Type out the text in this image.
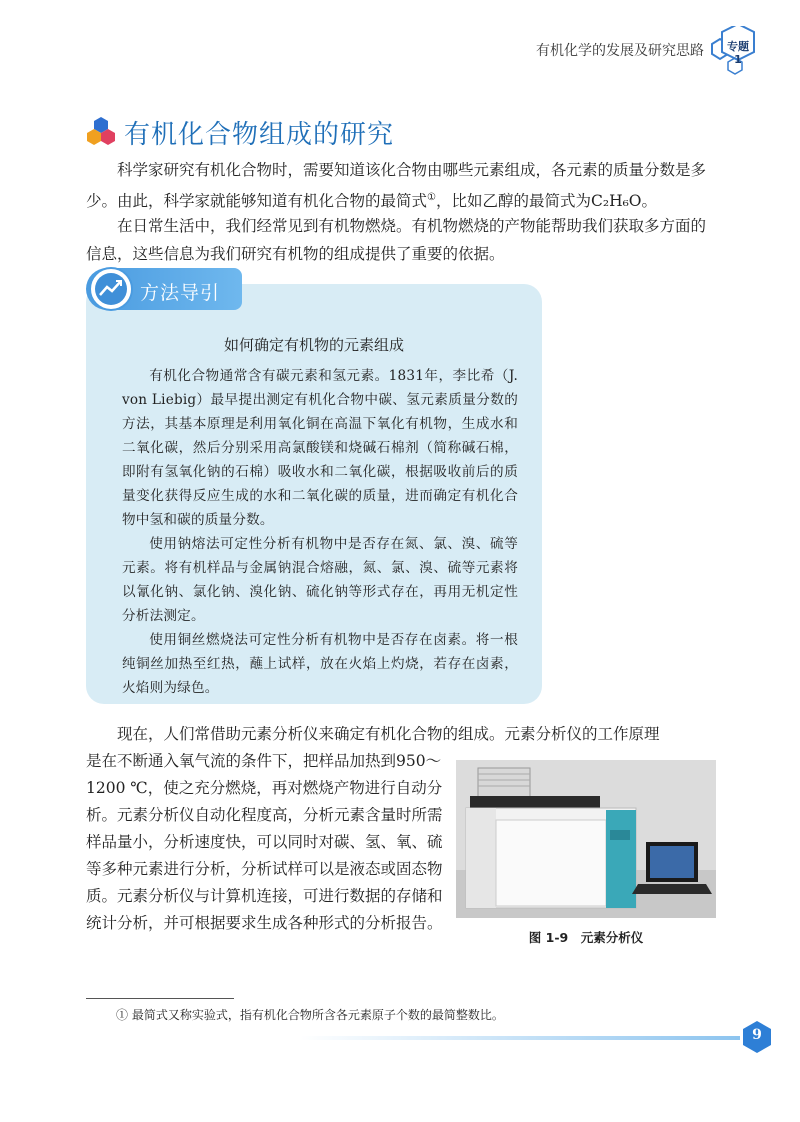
有机化学的发展及研究思路	专题
1
有机化合物组成的研究

科学家研究有机化合物时，需要知道该化合物由哪些元素组成，各元素的质量分数是多少。由此，科学家就能够知道有机化合物的最简式①，比如乙醇的最简式为C₂H₆O。

在日常生活中，我们经常见到有机物燃烧。有机物燃烧的产物能帮助我们获取多方面的信息，这些信息为我们研究有机物的组成提供了重要的依据。

方法导引
如何确定有机物的元素组成

有机化合物通常含有碳元素和氢元素。1831年，李比希（J. von Liebig）最早提出测定有机化合物中碳、氢元素质量分数的方法，其基本原理是利用氧化铜在高温下氧化有机物，生成水和二氧化碳，然后分别采用高氯酸镁和烧碱石棉剂（简称碱石棉，即附有氢氧化钠的石棉）吸收水和二氧化碳，根据吸收前后的质量变化获得反应生成的水和二氧化碳的质量，进而确定有机化合物中氢和碳的质量分数。

使用钠熔法可定性分析有机物中是否存在氮、氯、溴、硫等元素。将有机样品与金属钠混合熔融，氮、氯、溴、硫等元素将以氰化钠、氯化钠、溴化钠、硫化钠等形式存在，再用无机定性分析法测定。

使用铜丝燃烧法可定性分析有机物中是否存在卤素。将一根纯铜丝加热至红热，蘸上试样，放在火焰上灼烧，若存在卤素，火焰则为绿色。

现在，人们常借助元素分析仪来确定有机化合物的组成。元素分析仪的工作原理

是在不断通入氧气流的条件下，把样品加热到950～1200 ℃，使之充分燃烧，再对燃烧产物进行自动分析。元素分析仪自动化程度高，分析元素含量时所需样品量小，分析速度快，可以同时对碳、氢、氧、硫等多种元素进行分析，分析试样可以是液态或固态物质。元素分析仪与计算机连接，可进行数据的存储和统计分析，并可根据要求生成各种形式的分析报告。

图 1-9　元素分析仪
① 最简式又称实验式，指有机化合物所含各元素原子个数的最简整数比。
9
